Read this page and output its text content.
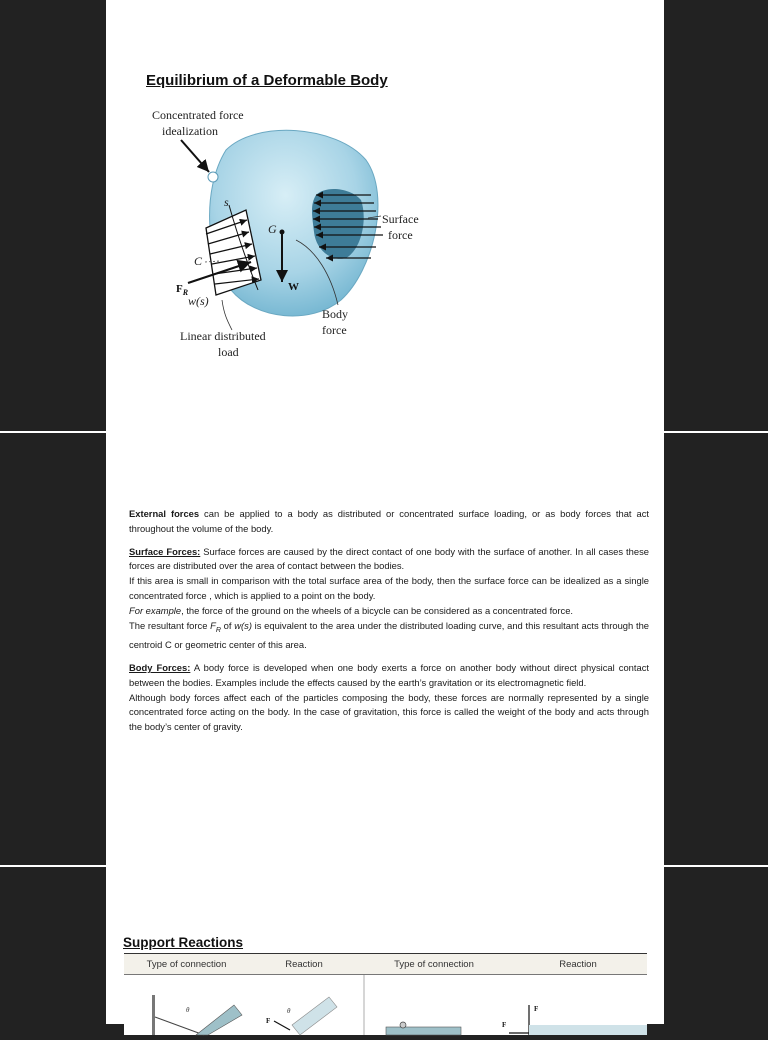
Equilibrium of a Deformable Body
Concentrated force
idealization
Surface
force
Body
force
Linear distributed
load
G
s
C
$F_R$
w(s)
W

External forces can be applied to a body as distributed or concentrated surface loading, or as body forces that act throughout the volume of the body.

Surface Forces: Surface forces are caused by the direct contact of one body with the surface of another. In all cases these forces are distributed over the area of contact between the bodies.
If this area is small in comparison with the total surface area of the body, then the surface force can be idealized as a single concentrated force , which is applied to a point on the body.
For example, the force of the ground on the wheels of a bicycle can be considered as a concentrated force.
The resultant force $F_R$ of w(s) is equivalent to the area under the distributed loading curve, and this resultant acts through the centroid C or geometric center of this area.

Body Forces: A body force is developed when one body exerts a force on another body without direct physical contact between the bodies. Examples include the effects caused by the earth’s gravitation or its electromagnetic field.
Although body forces affect each of the particles composing the body, these forces are normally represented by a single concentrated force acting on the body. In the case of gravitation, this force is called the weight of the body and acts through the body’s center of gravity.

Support Reactions
Type of connection	Reaction	Type of connection	Reaction
θ
F
θ	F
F
